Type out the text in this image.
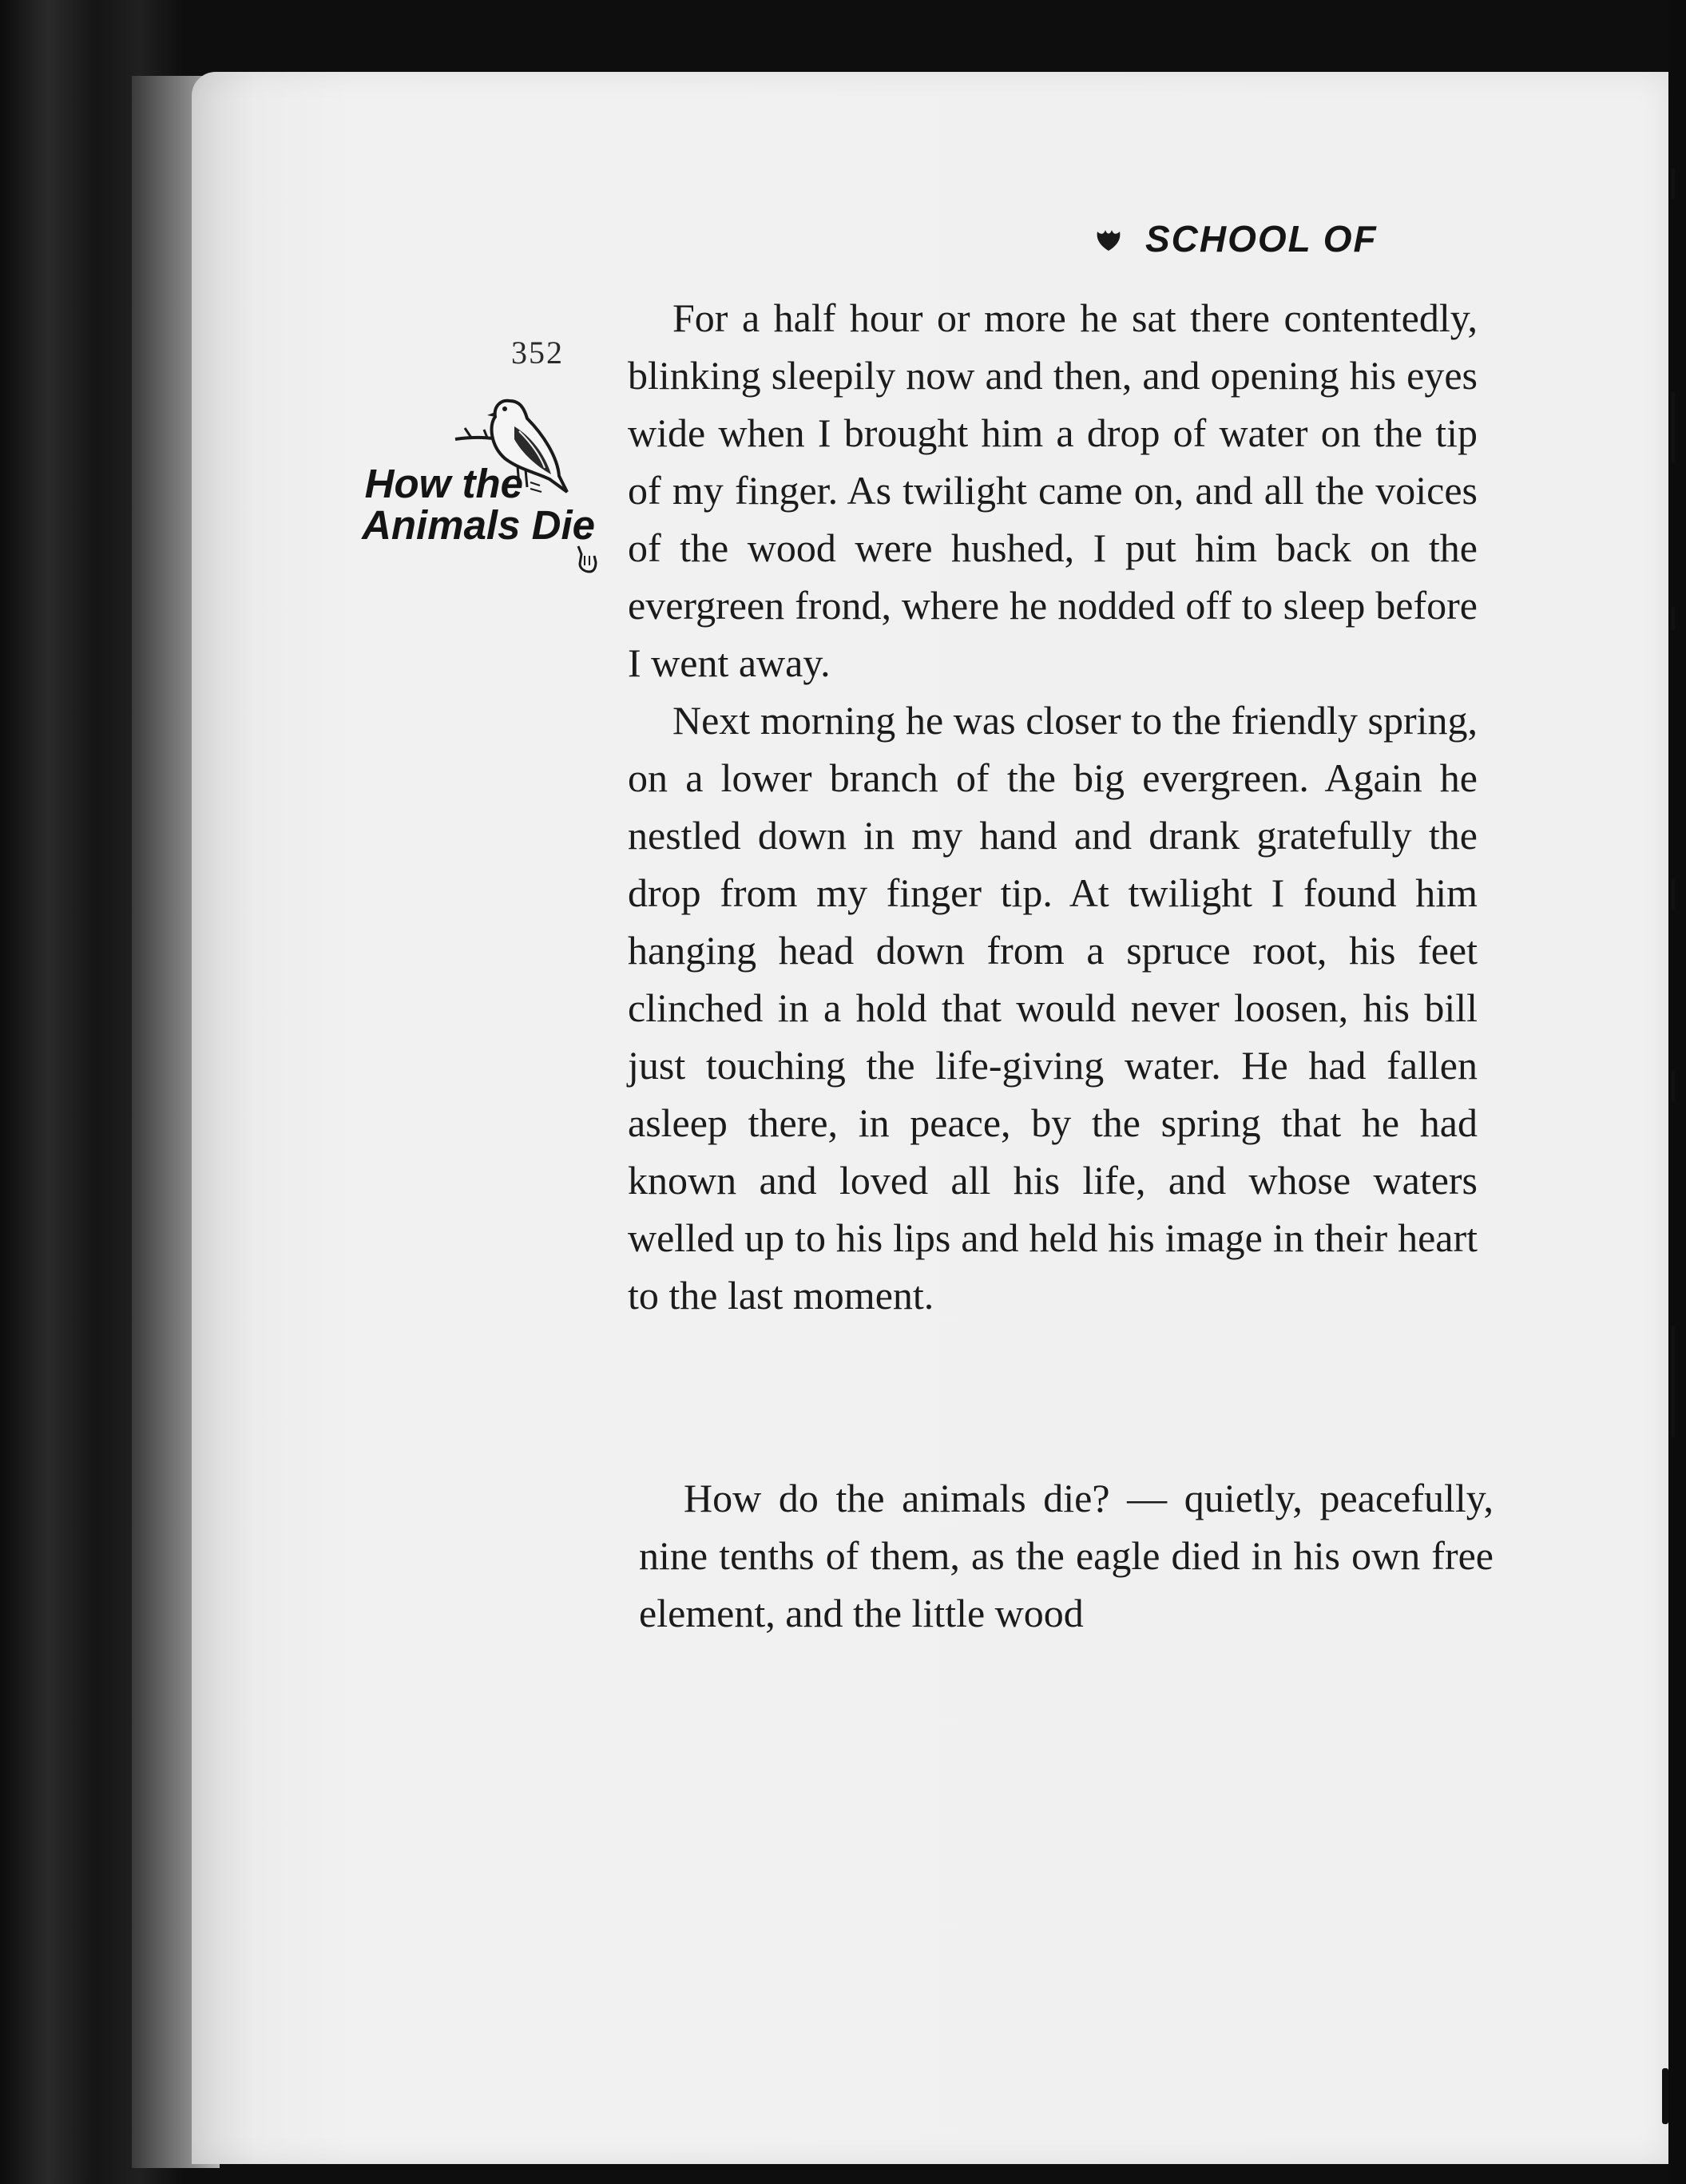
SCHOOL OF
352
How the
Animals Die

For a half hour or more he sat there contentedly, blinking sleepily now and then, and opening his eyes wide when I brought him a drop of water on the tip of my finger. As twilight came on, and all the voices of the wood were hushed, I put him back on the evergreen frond, where he nodded off to sleep before I went away.

Next morning he was closer to the friendly spring, on a lower branch of the big evergreen. Again he nestled down in my hand and drank gratefully the drop from my finger tip. At twilight I found him hanging head down from a spruce root, his feet clinched in a hold that would never loosen, his bill just touching the life-giving water. He had fallen asleep there, in peace, by the spring that he had known and loved all his life, and whose waters welled up to his lips and held his image in their heart to the last moment.

How do the animals die? — quietly, peacefully, nine tenths of them, as the eagle died in his own free element, and the little wood
